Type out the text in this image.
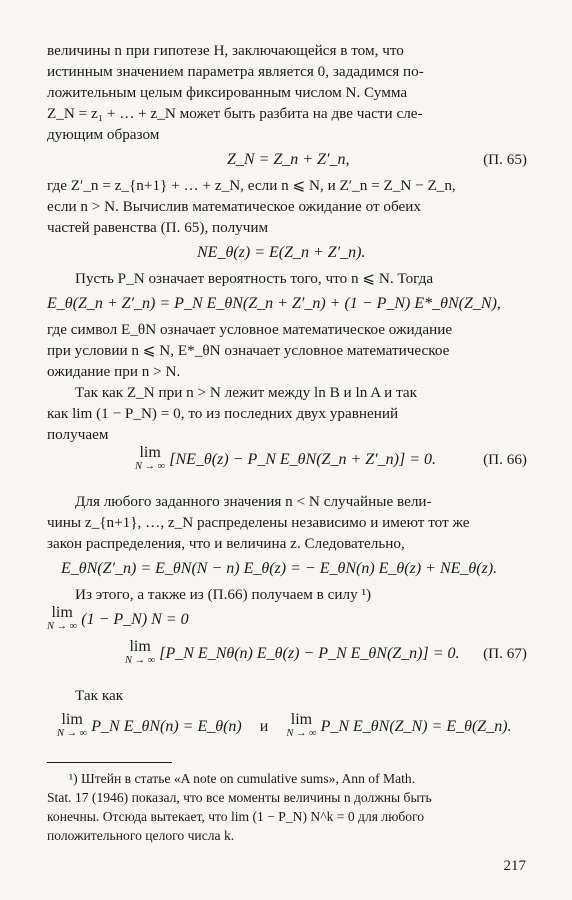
величины n при гипотезе H, заключающейся в том, что
истинным значением параметра является 0, зададимся по-
ложительным целым фиксированным числом N. Сумма
Z_N = z₁ + … + z_N может быть разбита на две части сле-
дующим образом

Z_N = Z_n + Z′_n,	(П. 65)

где Z′_n = z_{n+1} + … + z_N, если n ⩽ N, и Z′_n = Z_N − Z_n,
если n > N. Вычислив математическое ожидание от обеих
частей равенства (П. 65), получим

NE_θ(z) = E(Z_n + Z′_n).

Пусть P_N означает вероятность того, что n ⩽ N. Тогда

E_θ(Z_n + Z′_n) = P_N E_θN(Z_n + Z′_n) + (1 − P_N) E*_θN(Z_N),

где символ E_θN означает условное математическое ожидание
при условии n ⩽ N, E*_θN означает условное математическое
ожидание при n > N.

Так как Z_N при n > N лежит между ln B и ln A и так
как lim (1 − P_N) = 0, то из последних двух уравнений
получаем

lim
N → ∞ [NE_θ(z) − P_N E_θN(Z_n + Z′_n)] = 0.	(П. 66)

Для любого заданного значения n < N случайные вели-
чины z_{n+1}, …, z_N распределены независимо и имеют тот же
закон распределения, что и величина z. Следовательно,

E_θN(Z′_n) = E_θN(N − n) E_θ(z) = − E_θN(n) E_θ(z) + NE_θ(z).

Из этого, а также из (П.66) получаем в силу ¹)

lim
N → ∞ (1 − P_N) N = 0
lim
N → ∞ [P_N E_Nθ(n) E_θ(z) − P_N E_θN(Z_n)] = 0. (П. 67)

Так как

lim
N → ∞ P_N E_θN(n) = E_θ(n) и lim
N → ∞ P_N E_θN(Z_N) = E_θ(Z_n).

¹) Штейн в статье «A note on cumulative sums», Ann of Math.
Stat. 17 (1946) показал, что все моменты величины n должны быть
конечны. Отсюда вытекает, что lim (1 − P_N) N^k = 0 для любого
положительного целого числа k.

217
